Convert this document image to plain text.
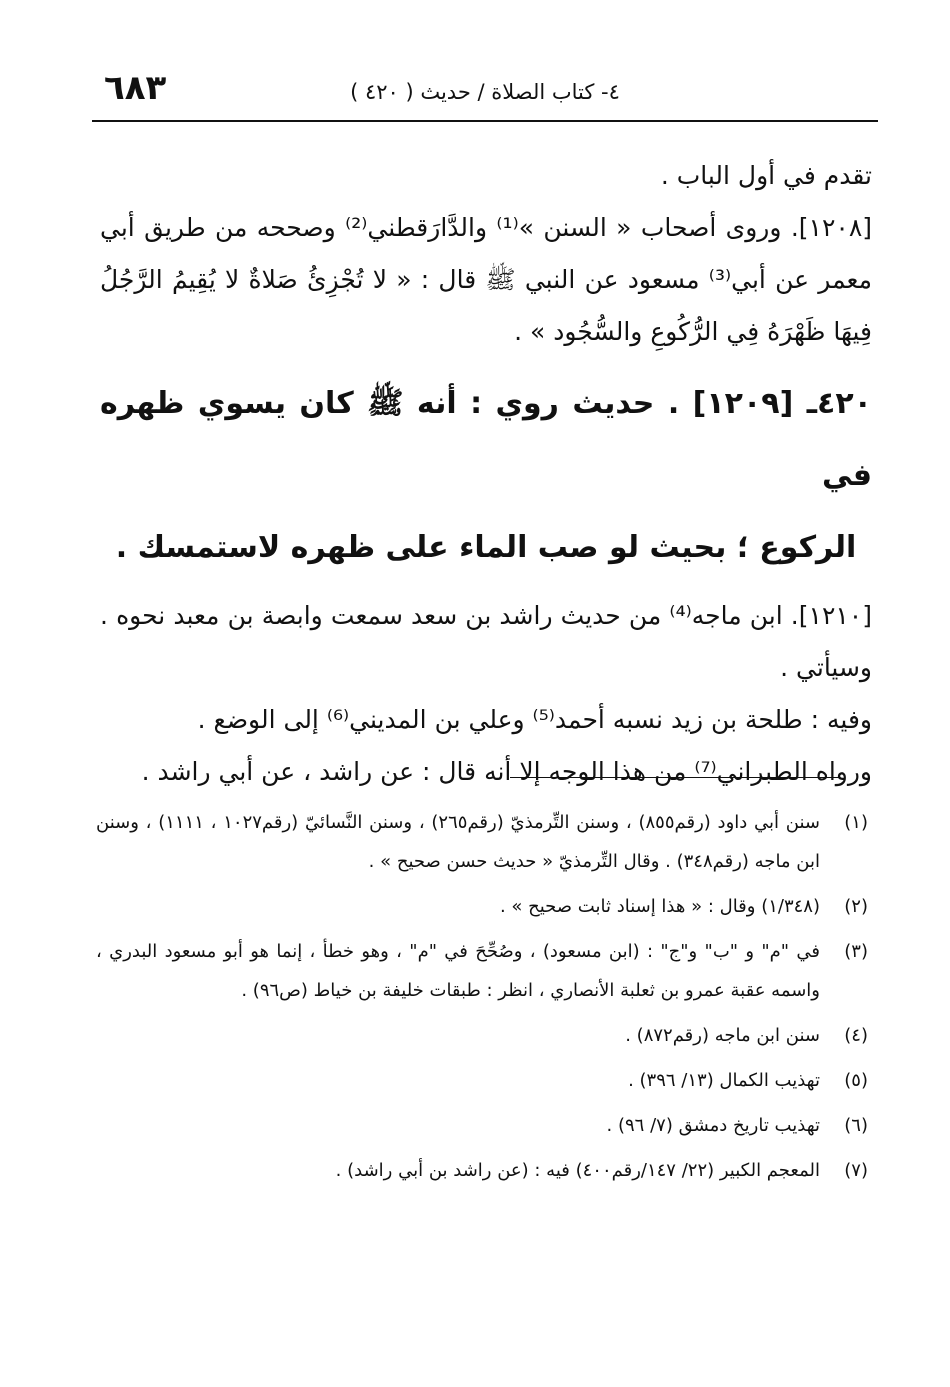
٦٨٣	٤- كتاب الصلاة / حديث ( ٤٢٠ )

تقدم في أول الباب .

[١٢٠٨]. وروى أصحاب « السنن »⁽¹⁾ والدَّارَقطني⁽²⁾ وصححه من طريق أبي معمر عن أبي⁽³⁾ مسعود عن النبي ﷺ قال : « لا تُجْزِئُ صَلاةٌ لا يُقِيمُ الرَّجُلُ فِيهَا ظَهْرَهُ فِي الرُّكُوعِ والسُّجُود » .

٤٢٠ـ [١٢٠٩] . حديث روي : أنه ﷺ كان يسوي ظهره في
الركوع ؛ بحيث لو صب الماء على ظهره لاستمسك .

[١٢١٠]. ابن ماجه⁽⁴⁾ من حديث راشد بن سعد سمعت وابصة بن معبد نحوه . وسيأتي .

وفيه : طلحة بن زيد نسبه أحمد⁽⁵⁾ وعلي بن المديني⁽⁶⁾ إلى الوضع .

ورواه الطبراني⁽⁷⁾ من هذا الوجه إلا أنه قال : عن راشد ، عن أبي راشد .

(١)
سنن أبي داود (رقم٨٥٥) ، وسنن التِّرمذيّ (رقم٢٦٥) ، وسنن النَّسائيّ (رقم١٠٢٧ ، ١١١١) ، وسنن ابن ماجه (رقم٣٤٨) . وقال التِّرمذيّ « حديث حسن صحيح » .
(٢)
(١/٣٤٨) وقال : « هذا إسناد ثابت صحيح » .
(٣)
في "م" و "ب" و"ج" : (ابن مسعود) ، وصُحِّحَ في "م" ، وهو خطأ ، إنما هو أبو مسعود البدري ، واسمه عقبة عمرو بن ثعلبة الأنصاري ، انظر : طبقات خليفة بن خياط (ص٩٦) .
(٤)
سنن ابن ماجه (رقم٨٧٢) .
(٥)
تهذيب الكمال (١٣/ ٣٩٦) .
(٦)
تهذيب تاريخ دمشق (٧/ ٩٦) .
(٧)
المعجم الكبير (٢٢/ ١٤٧/رقم٤٠٠) فيه : (عن راشد بن أبي راشد) .
